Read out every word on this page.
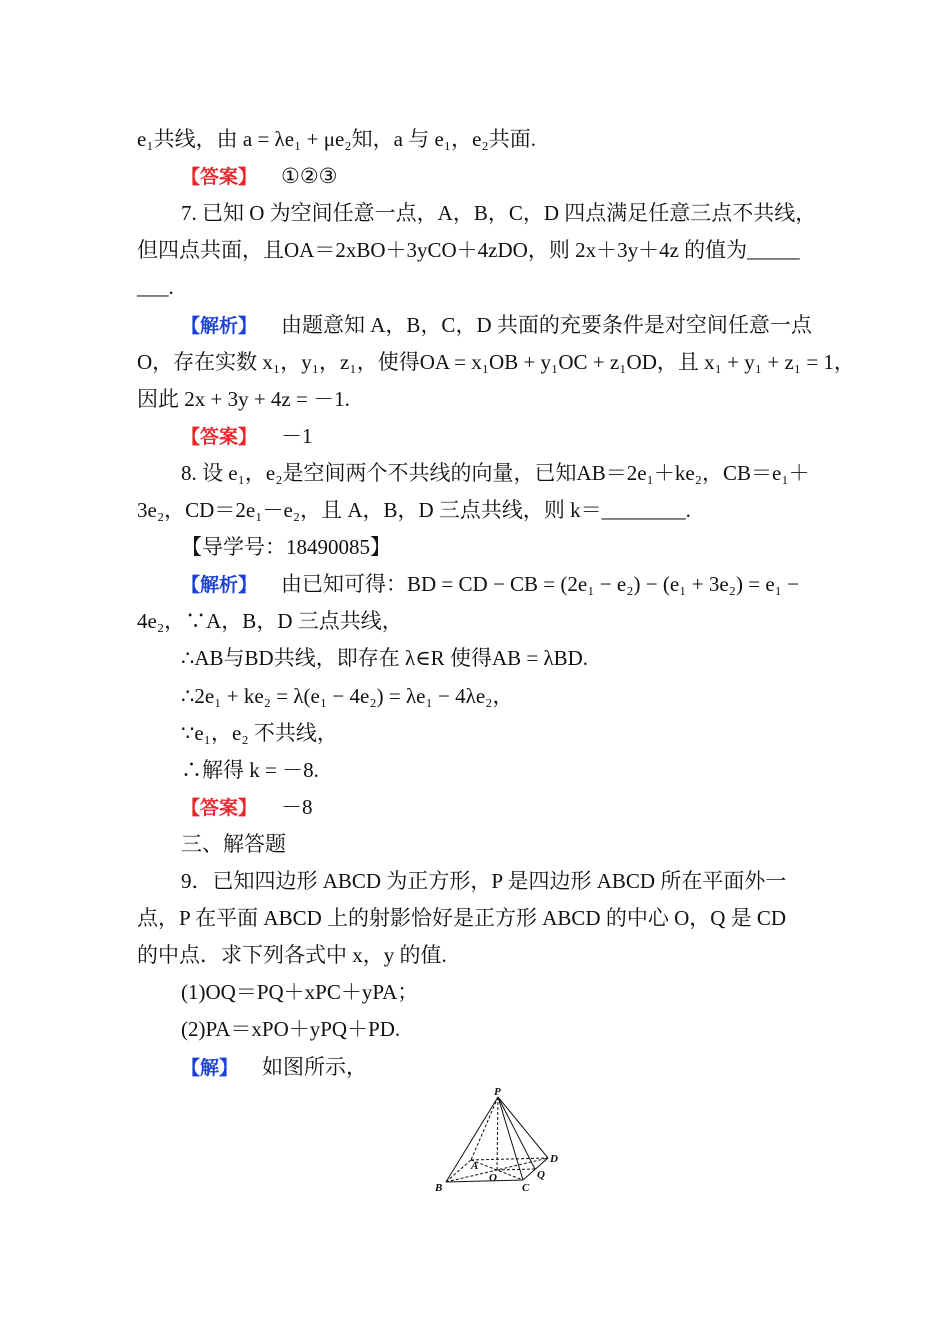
e₁共线，由 a = λe₁ + μe₂知，a 与 e₁，e₂共面.
【答案】 ①②③
7. 已知 O 为空间任意一点，A，B，C，D 四点满足任意三点不共线，
但四点共面，且OA＝2xBO＋3yCO＋4zDO，则 2x＋3y＋4z 的值为_____
___.
【解析】 由题意知 A，B，C，D 共面的充要条件是对空间任意一点
O，存在实数 x₁，y₁，z₁，使得OA = x₁OB + y₁OC + z₁OD，且 x₁ + y₁ + z₁ = 1，
因此 2x + 3y + 4z = －1.
【答案】 －1
8. 设 e₁，e₂是空间两个不共线的向量，已知AB＝2e₁＋ke₂，CB＝e₁＋
3e₂，CD＝2e₁－e₂，且 A，B，D 三点共线，则 k＝________.
【导学号：18490085】
【解析】 由已知可得：BD = CD − CB = (2e₁ − e₂) − (e₁ + 3e₂) = e₁ −
4e₂，∵A，B，D 三点共线，
∴AB与BD共线，即存在 λ∈R 使得AB = λBD.
∴2e₁ + ke₂ = λ(e₁ − 4e₂) = λe₁ − 4λe₂，
∵e₁，e₂ 不共线，
∴解得 k = －8.
【答案】 －8
三、解答题
9．已知四边形 ABCD 为正方形，P 是四边形 ABCD 所在平面外一
点，P 在平面 ABCD 上的射影恰好是正方形 ABCD 的中心 O，Q 是 CD
的中点．求下列各式中 x，y 的值.
(1)OQ＝PQ＋xPC＋yPA；
(2)PA＝xPO＋yPQ＋PD.
【解】 如图所示，
P
A
B	C
D
O	Q
